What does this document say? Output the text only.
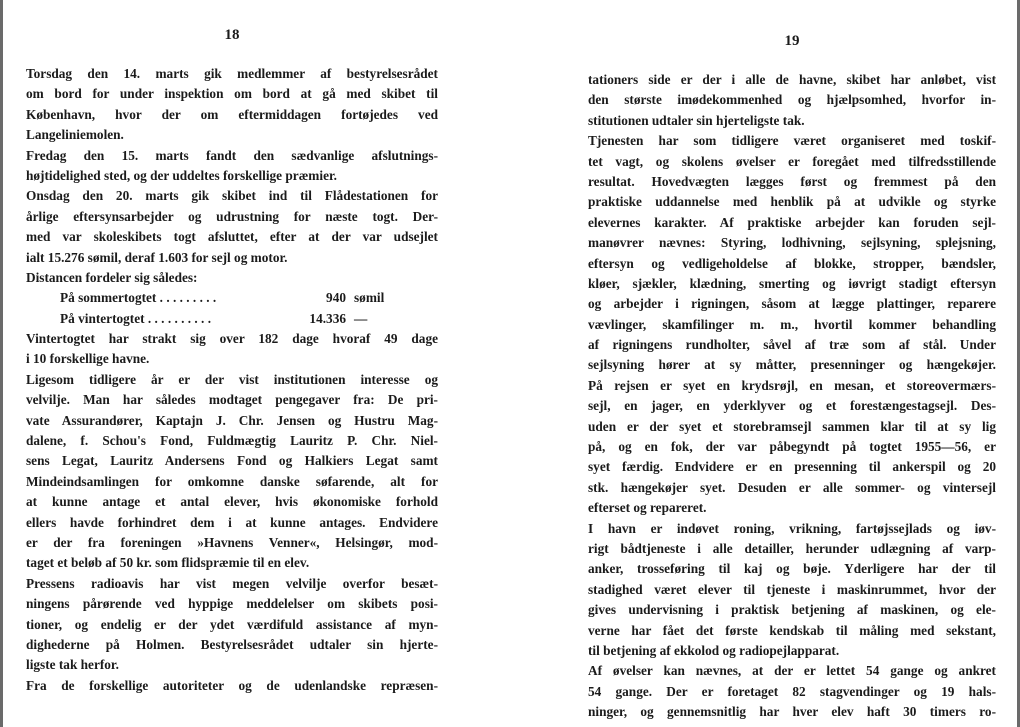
18
Torsdag den 14. marts gik medlemmer af bestyrelsesrådet
om bord for under inspektion om bord at gå med skibet til
København, hvor der om eftermiddagen fortøjedes ved
Langeliniemolen.
Fredag den 15. marts fandt den sædvanlige afslutnings-
højtidelighed sted, og der uddeltes forskellige præmier.
Onsdag den 20. marts gik skibet ind til Flådestationen for
årlige eftersynsarbejder og udrustning for næste togt. Der-
med var skoleskibets togt afsluttet, efter at der var udsejlet
ialt 15.276 sømil, deraf 1.603 for sejl og motor.
Distancen fordeler sig således:
På sommertogtet . . . . . . . . .	940 sømil
På vintertogtet . . . . . . . . . .	14.336 —
Vintertogtet har strakt sig over 182 dage hvoraf 49 dage
i 10 forskellige havne.
Ligesom tidligere år er der vist institutionen interesse og
velvilje. Man har således modtaget pengegaver fra: De pri-
vate Assurandører, Kaptajn J. Chr. Jensen og Hustru Mag-
dalene, f. Schou's Fond, Fuldmægtig Lauritz P. Chr. Niel-
sens Legat, Lauritz Andersens Fond og Halkiers Legat samt
Mindeindsamlingen for omkomne danske søfarende, alt for
at kunne antage et antal elever, hvis økonomiske forhold
ellers havde forhindret dem i at kunne antages. Endvidere
er der fra foreningen »Havnens Venner«, Helsingør, mod-
taget et beløb af 50 kr. som flidspræmie til en elev.
Pressens radioavis har vist megen velvilje overfor besæt-
ningens pårørende ved hyppige meddelelser om skibets posi-
tioner, og endelig er der ydet værdifuld assistance af myn-
dighederne på Holmen. Bestyrelsesrådet udtaler sin hjerte-
ligste tak herfor.
Fra de forskellige autoriteter og de udenlandske repræsen-
19
tationers side er der i alle de havne, skibet har anløbet, vist
den største imødekommenhed og hjælpsomhed, hvorfor in-
stitutionen udtaler sin hjerteligste tak.
Tjenesten har som tidligere været organiseret med toskif-
tet vagt, og skolens øvelser er foregået med tilfredsstillende
resultat. Hovedvægten lægges først og fremmest på den
praktiske uddannelse med henblik på at udvikle og styrke
elevernes karakter. Af praktiske arbejder kan foruden sejl-
manøvrer nævnes: Styring, lodhivning, sejlsyning, splejsning,
eftersyn og vedligeholdelse af blokke, stropper, bændsler,
kløer, sjækler, klædning, smerting og iøvrigt stadigt eftersyn
og arbejder i rigningen, såsom at lægge plattinger, reparere
vævlinger, skamfilinger m. m., hvortil kommer behandling
af rigningens rundholter, såvel af træ som af stål. Under
sejlsyning hører at sy måtter, presenninger og hængekøjer.
På rejsen er syet en krydsrøjl, en mesan, et storeovermærs-
sejl, en jager, en yderklyver og et forestængestagsejl. Des-
uden er der syet et storebramsejl sammen klar til at sy lig
på, og en fok, der var påbegyndt på togtet 1955—56, er
syet færdig. Endvidere er en presenning til ankerspil og 20
stk. hængekøjer syet. Desuden er alle sommer- og vintersejl
efterset og repareret.
I havn er indøvet roning, vrikning, fartøjssejlads og iøv-
rigt bådtjeneste i alle detailler, herunder udlægning af varp-
anker, trosseføring til kaj og bøje. Yderligere har der til
stadighed været elever til tjeneste i maskinrummet, hvor der
gives undervisning i praktisk betjening af maskinen, og ele-
verne har fået det første kendskab til måling med sekstant,
til betjening af ekkolod og radiopejlapparat.
Af øvelser kan nævnes, at der er lettet 54 gange og ankret
54 gange. Der er foretaget 82 stagvendinger og 19 hals-
ninger, og gennemsnitlig har hver elev haft 30 timers ro-
